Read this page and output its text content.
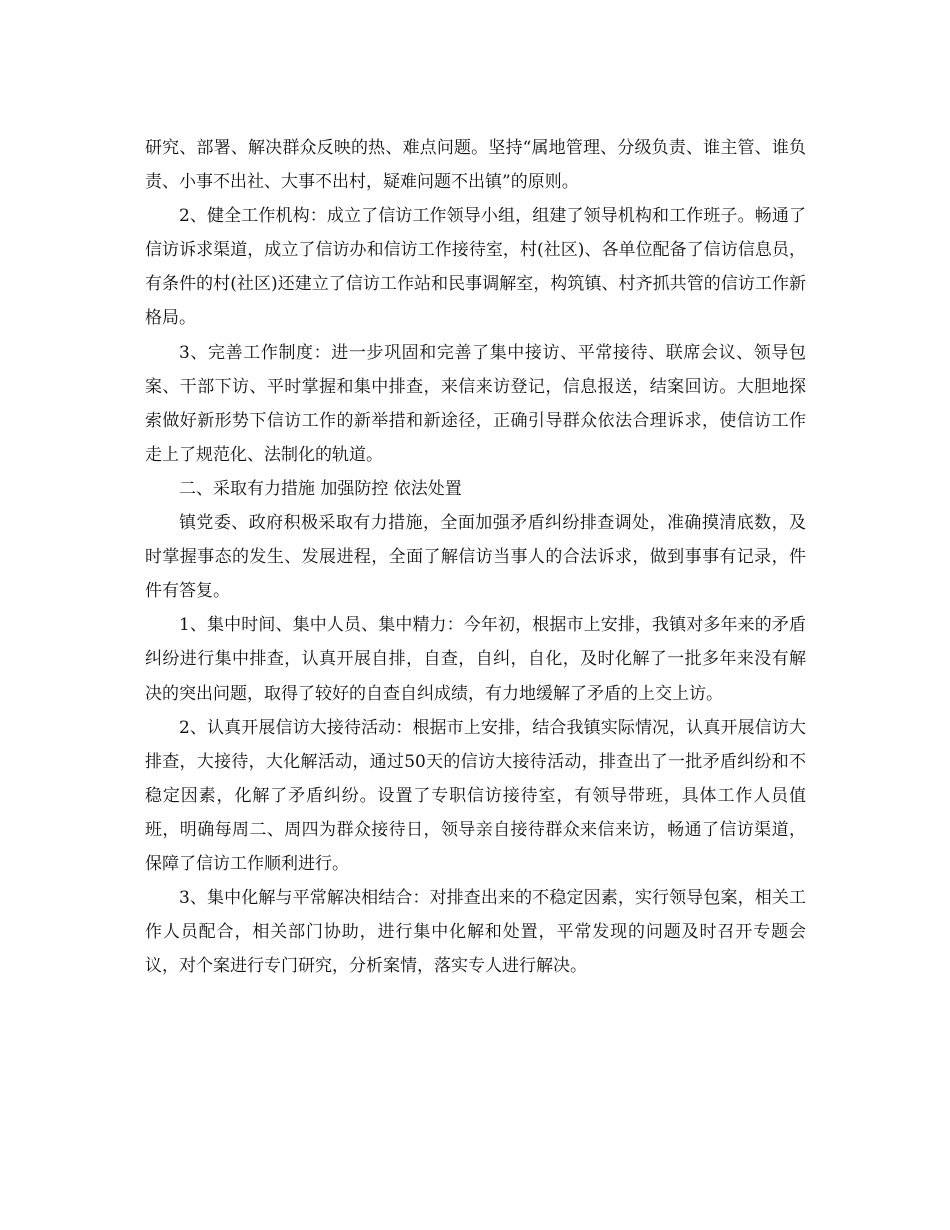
研究、部署、解决群众反映的热、难点问题。坚持“属地管理、分级负责、谁主管、谁负责、小事不出社、大事不出村，疑难问题不出镇”的原则。

2、健全工作机构：成立了信访工作领导小组，组建了领导机构和工作班子。畅通了信访诉求渠道，成立了信访办和信访工作接待室，村(社区)、各单位配备了信访信息员，有条件的村(社区)还建立了信访工作站和民事调解室，构筑镇、村齐抓共管的信访工作新格局。

3、完善工作制度：进一步巩固和完善了集中接访、平常接待、联席会议、领导包案、干部下访、平时掌握和集中排查，来信来访登记，信息报送，结案回访。大胆地探索做好新形势下信访工作的新举措和新途径，正确引导群众依法合理诉求，使信访工作走上了规范化、法制化的轨道。

二、采取有力措施 加强防控 依法处置

镇党委、政府积极采取有力措施，全面加强矛盾纠纷排查调处，准确摸清底数，及时掌握事态的发生、发展进程，全面了解信访当事人的合法诉求，做到事事有记录，件件有答复。

1、集中时间、集中人员、集中精力：今年初，根据市上安排，我镇对多年来的矛盾纠纷进行集中排查，认真开展自排，自查，自纠，自化，及时化解了一批多年来没有解决的突出问题，取得了较好的自查自纠成绩，有力地缓解了矛盾的上交上访。

2、认真开展信访大接待活动：根据市上安排，结合我镇实际情况，认真开展信访大排查，大接待，大化解活动，通过50天的信访大接待活动，排查出了一批矛盾纠纷和不稳定因素，化解了矛盾纠纷。设置了专职信访接待室，有领导带班，具体工作人员值班，明确每周二、周四为群众接待日，领导亲自接待群众来信来访，畅通了信访渠道，保障了信访工作顺利进行。

3、集中化解与平常解决相结合：对排查出来的不稳定因素，实行领导包案，相关工作人员配合，相关部门协助，进行集中化解和处置，平常发现的问题及时召开专题会议，对个案进行专门研究，分析案情，落实专人进行解决。
